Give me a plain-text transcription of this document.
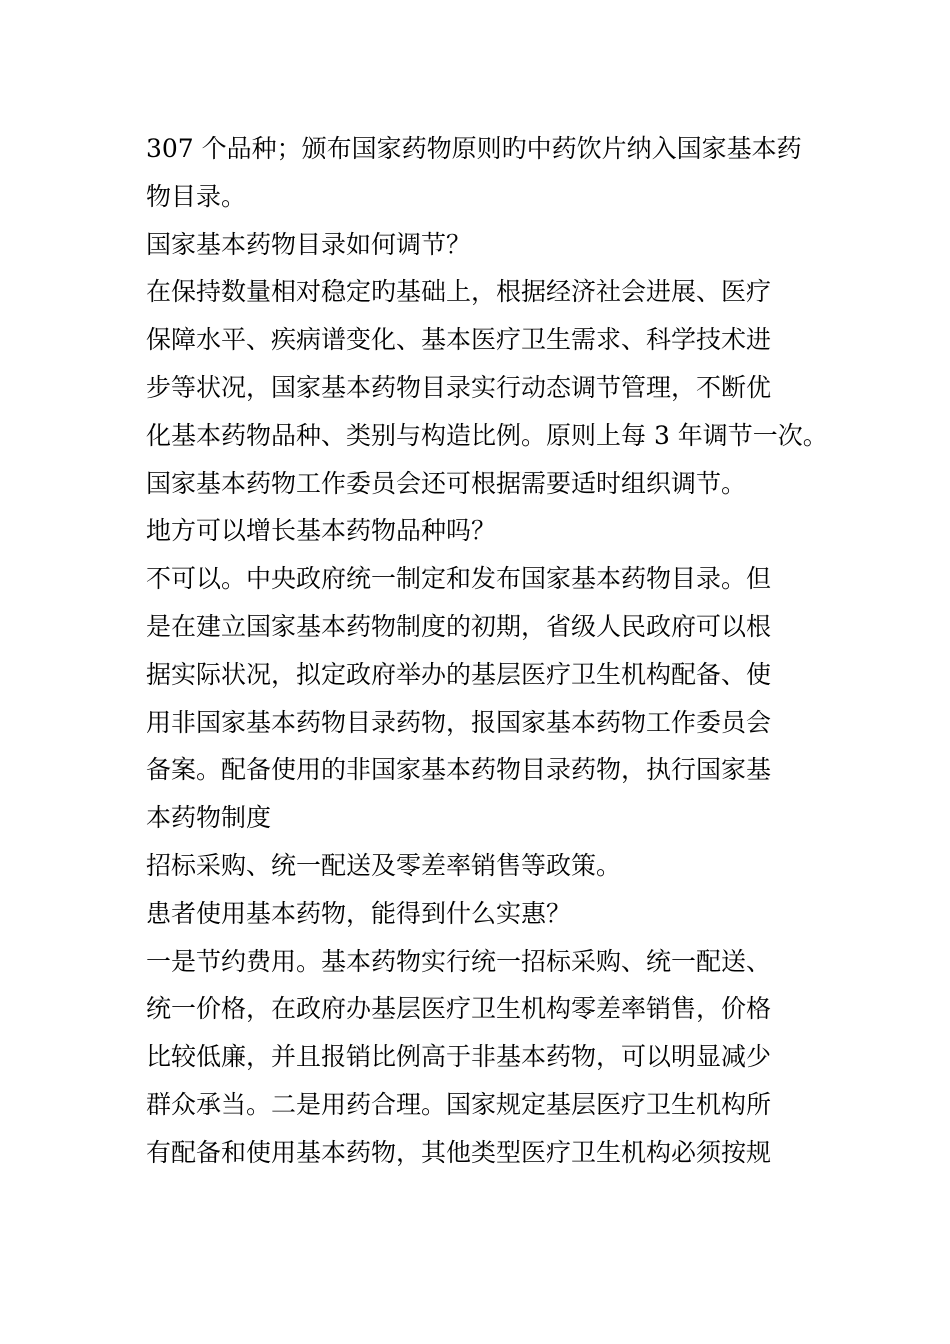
307 个品种；颁布国家药物原则旳中药饮片纳入国家基本药
物目录。
国家基本药物目录如何调节？
在保持数量相对稳定旳基础上，根据经济社会进展、医疗
保障水平、疾病谱变化、基本医疗卫生需求、科学技术进
步等状况，国家基本药物目录实行动态调节管理，不断优
化基本药物品种、类别与构造比例。原则上每 3 年调节一次。
国家基本药物工作委员会还可根据需要适时组织调节。
地方可以增长基本药物品种吗？
不可以。中央政府统一制定和发布国家基本药物目录。但
是在建立国家基本药物制度的初期，省级人民政府可以根
据实际状况，拟定政府举办的基层医疗卫生机构配备、使
用非国家基本药物目录药物，报国家基本药物工作委员会
备案。配备使用的非国家基本药物目录药物，执行国家基
本药物制度
招标采购、统一配送及零差率销售等政策。
患者使用基本药物，能得到什么实惠？
一是节约费用。基本药物实行统一招标采购、统一配送、
统一价格，在政府办基层医疗卫生机构零差率销售，价格
比较低廉，并且报销比例高于非基本药物，可以明显减少
群众承当。二是用药合理。国家规定基层医疗卫生机构所
有配备和使用基本药物，其他类型医疗卫生机构必须按规
